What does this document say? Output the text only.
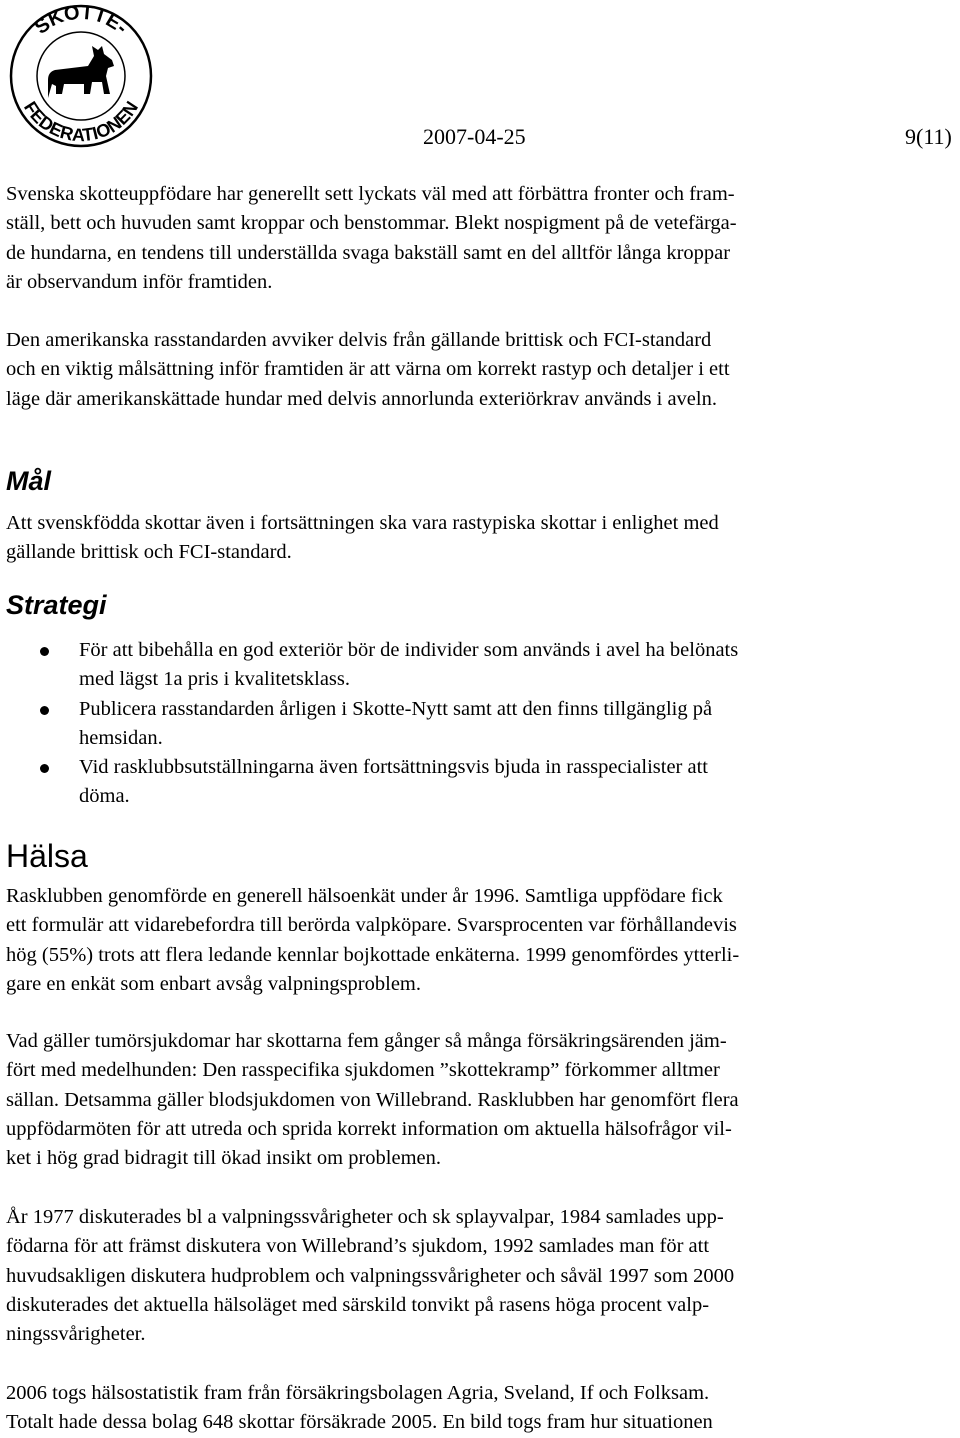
SKOTTE-
FEDERATIONEN
2007-04-25	9(11)

Svenska skotteuppfödare har generellt sett lyckats väl med att förbättra fronter och fram-
ställ, bett och huvuden samt kroppar och benstommar. Blekt nospigment på de vetefärga-
de hundarna, en tendens till underställda svaga bakställ samt en del alltför långa kroppar
är observandum inför framtiden.

Den amerikanska rasstandarden avviker delvis från gällande brittisk och FCI-standard
och en viktig målsättning inför framtiden är att värna om korrekt rastyp och detaljer i ett
läge där amerikanskättade hundar med delvis annorlunda exteriörkrav används i aveln.

Mål

Att svenskfödda skottar även i fortsättningen ska vara rastypiska skottar i enlighet med
gällande brittisk och FCI-standard.

Strategi
För att bibehålla en god exteriör bör de individer som används i avel ha belönats
med lägst 1a pris i kvalitetsklass.
Publicera rasstandarden årligen i Skotte-Nytt samt att den finns tillgänglig på
hemsidan.
Vid rasklubbsutställningarna även fortsättningsvis bjuda in rasspecialister att
döma.
Hälsa

Rasklubben genomförde en generell hälsoenkät under år 1996. Samtliga uppfödare fick
ett formulär att vidarebefordra till berörda valpköpare. Svarsprocenten var förhållandevis
hög (55%) trots att flera ledande kennlar bojkottade enkäterna. 1999 genomfördes ytterli-
gare en enkät som enbart avsåg valpningsproblem.

Vad gäller tumörsjukdomar har skottarna fem gånger så många försäkringsärenden jäm-
fört med medelhunden: Den rasspecifika sjukdomen ”skottekramp” förkommer alltmer
sällan. Detsamma gäller blodsjukdomen von Willebrand. Rasklubben har genomfört flera
uppfödarmöten för att utreda och sprida korrekt information om aktuella hälsofrågor vil-
ket i hög grad bidragit till ökad insikt om problemen.

År 1977 diskuterades bl a valpningssvårigheter och sk splayvalpar, 1984 samlades upp-
födarna för att främst diskutera von Willebrand’s sjukdom, 1992 samlades man för att
huvudsakligen diskutera hudproblem och valpningssvårigheter och såväl 1997 som 2000
diskuterades det aktuella hälsoläget med särskild tonvikt på rasens höga procent valp-
ningssvårigheter.

2006 togs hälsostatistik fram från försäkringsbolagen Agria, Sveland, If och Folksam.
Totalt hade dessa bolag 648 skottar försäkrade 2005. En bild togs fram hur situationen
